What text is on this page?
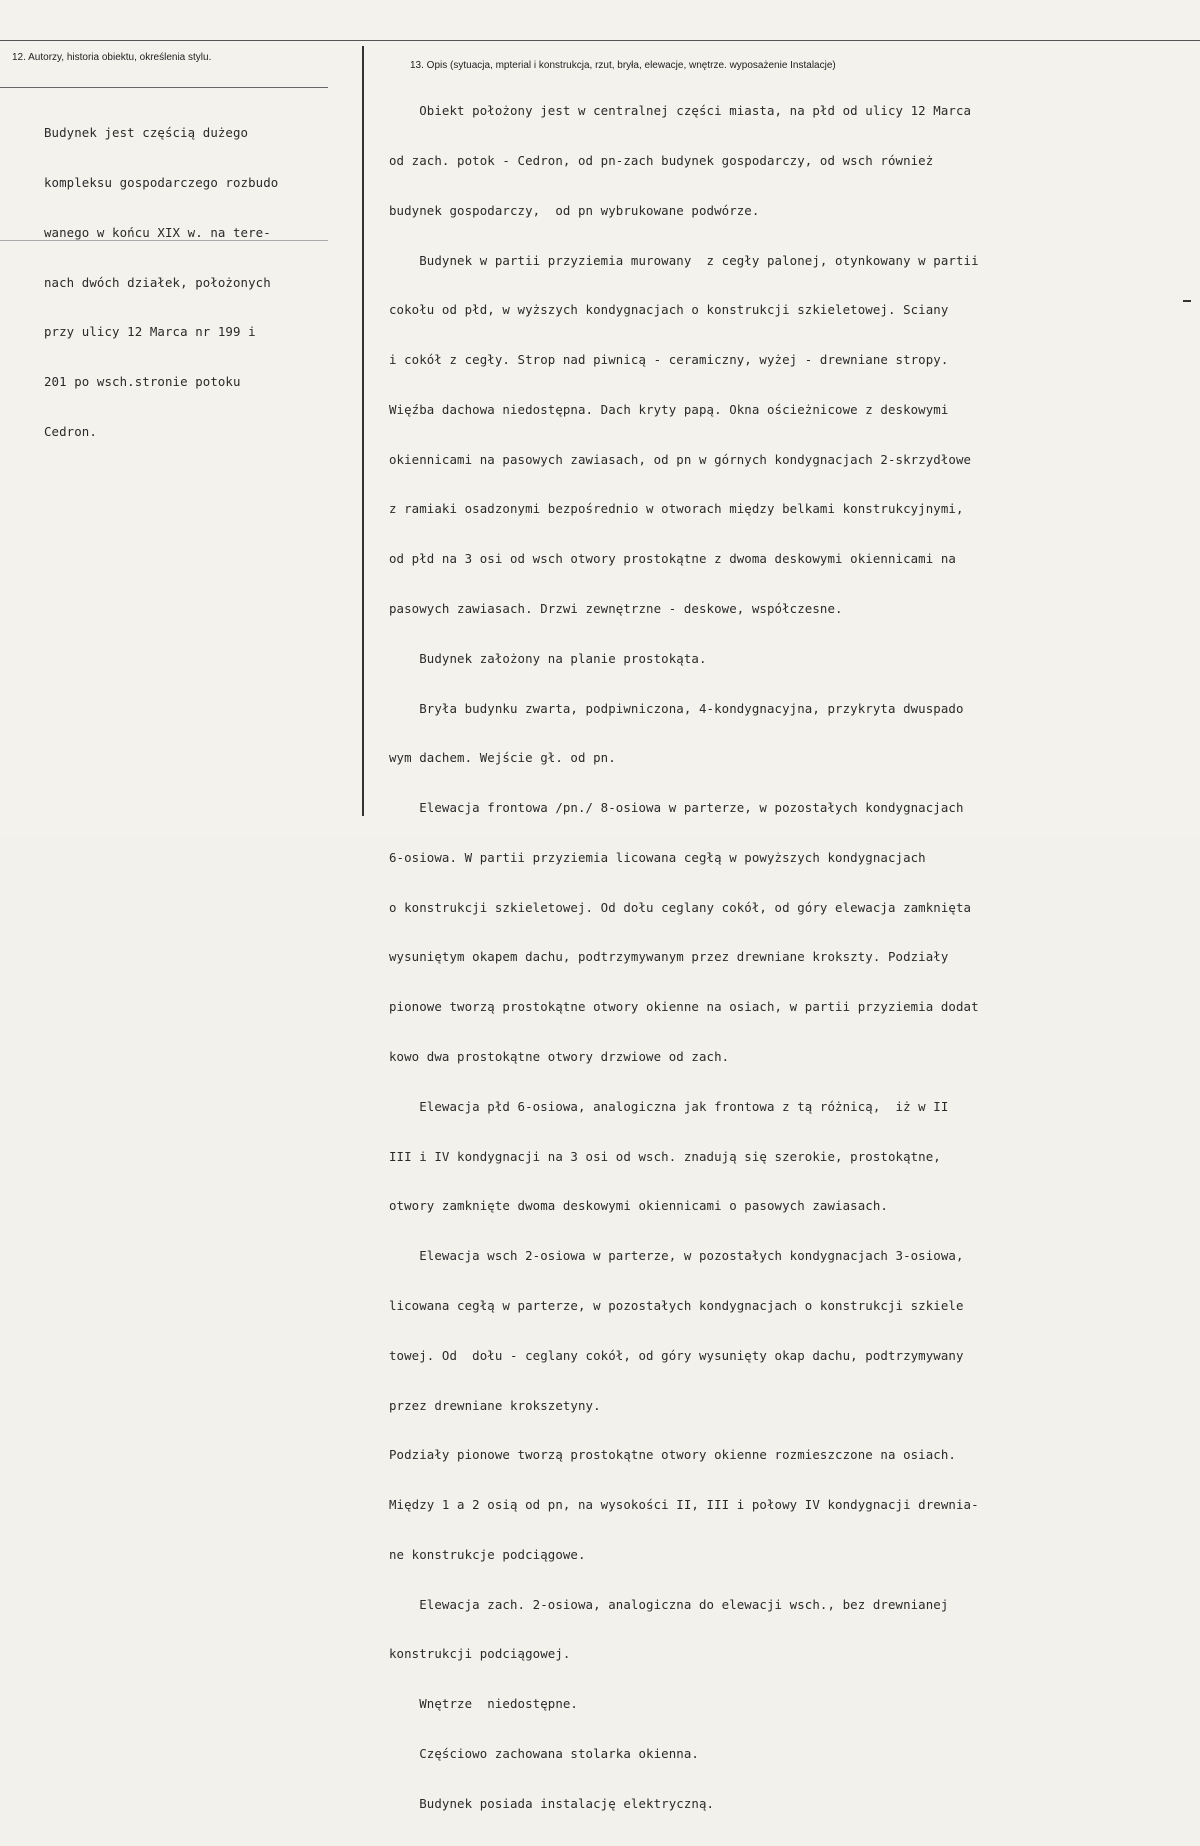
12. Autorzy, historia obiektu, określenia stylu.
13. Opis (sytuacja, mpterial i konstrukcja, rzut, bryła, elewacje, wnętrze. wyposażenie Instalacje)

Budynek jest częścią dużego

kompleksu gospodarczego rozbudo

wanego w końcu XIX w. na tere-

nach dwóch działek, położonych

przy ulicy 12 Marca nr 199 i

201 po wsch.stronie potoku

Cedron.

Obiekt położony jest w centralnej części miasta, na płd od ulicy 12 Marca

od zach. potok - Cedron, od pn-zach budynek gospodarczy, od wsch również

budynek gospodarczy,  od pn wybrukowane podwórze.

Budynek w partii przyziemia murowany  z cegły palonej, otynkowany w partii

cokołu od płd, w wyższych kondygnacjach o konstrukcji szkieletowej. Sciany

i cokół z cegły. Strop nad piwnicą - ceramiczny, wyżej - drewniane stropy.

Więźba dachowa niedostępna. Dach kryty papą. Okna ościeżnicowe z deskowymi

okiennicami na pasowych zawiasach, od pn w górnych kondygnacjach 2-skrzydłowe

z ramiaki osadzonymi bezpośrednio w otworach między belkami konstrukcyjnymi,

od płd na 3 osi od wsch otwory prostokątne z dwoma deskowymi okiennicami na

pasowych zawiasach. Drzwi zewnętrzne - deskowe, współczesne.

Budynek założony na planie prostokąta.

Bryła budynku zwarta, podpiwniczona, 4-kondygnacyjna, przykryta dwuspado

wym dachem. Wejście gł. od pn.

Elewacja frontowa /pn./ 8-osiowa w parterze, w pozostałych kondygnacjach

6-osiowa. W partii przyziemia licowana cegłą w powyższych kondygnacjach

o konstrukcji szkieletowej. Od dołu ceglany cokół, od góry elewacja zamknięta

wysuniętym okapem dachu, podtrzymywanym przez drewniane krokszty. Podziały

pionowe tworzą prostokątne otwory okienne na osiach, w partii przyziemia dodat

kowo dwa prostokątne otwory drzwiowe od zach.

Elewacja płd 6-osiowa, analogiczna jak frontowa z tą różnicą,  iż w II

III i IV kondygnacji na 3 osi od wsch. znadują się szerokie, prostokątne,

otwory zamknięte dwoma deskowymi okiennicami o pasowych zawiasach.

Elewacja wsch 2-osiowa w parterze, w pozostałych kondygnacjach 3-osiowa,

licowana cegłą w parterze, w pozostałych kondygnacjach o konstrukcji szkiele

towej. Od  dołu - ceglany cokół, od góry wysunięty okap dachu, podtrzymywany

przez drewniane krokszetyny.

Podziały pionowe tworzą prostokątne otwory okienne rozmieszczone na osiach.

Między 1 a 2 osią od pn, na wysokości II, III i połowy IV kondygnacji drewnia-

ne konstrukcje podciągowe.

Elewacja zach. 2-osiowa, analogiczna do elewacji wsch., bez drewnianej

konstrukcji podciągowej.

Wnętrze  niedostępne.

Częściowo zachowana stolarka okienna.

Budynek posiada instalację elektryczną.
